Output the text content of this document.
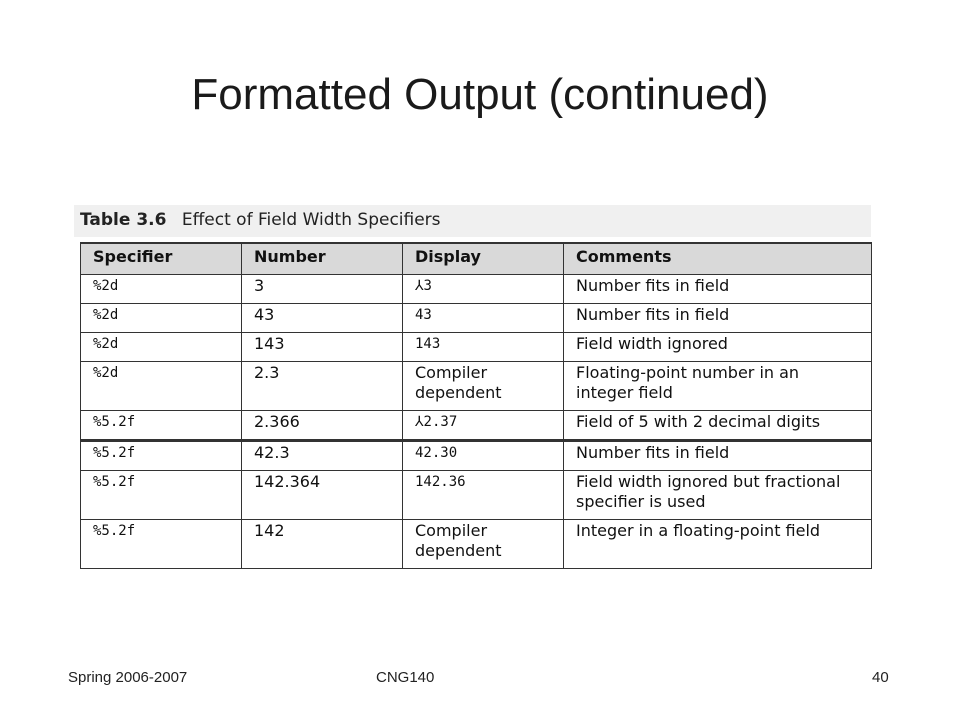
Formatted Output (continued)
Table 3.6 Effect of Field Width Specifiers
Specifier	Number	Display	Comments
%2d	3	⅄3	Number fits in field
%2d	43	43	Number fits in field
%2d	143	143	Field width ignored
%2d	2.3	Compiler dependent	Floating-point number in an integer field
%5.2f	2.366	⅄2.37	Field of 5 with 2 decimal digits
%5.2f	42.3	42.30	Number fits in field
%5.2f	142.364	142.36	Field width ignored but fractional specifier is used
%5.2f	142	Compiler dependent	Integer in a floating-point field
Spring 2006-2007	CNG140	40
